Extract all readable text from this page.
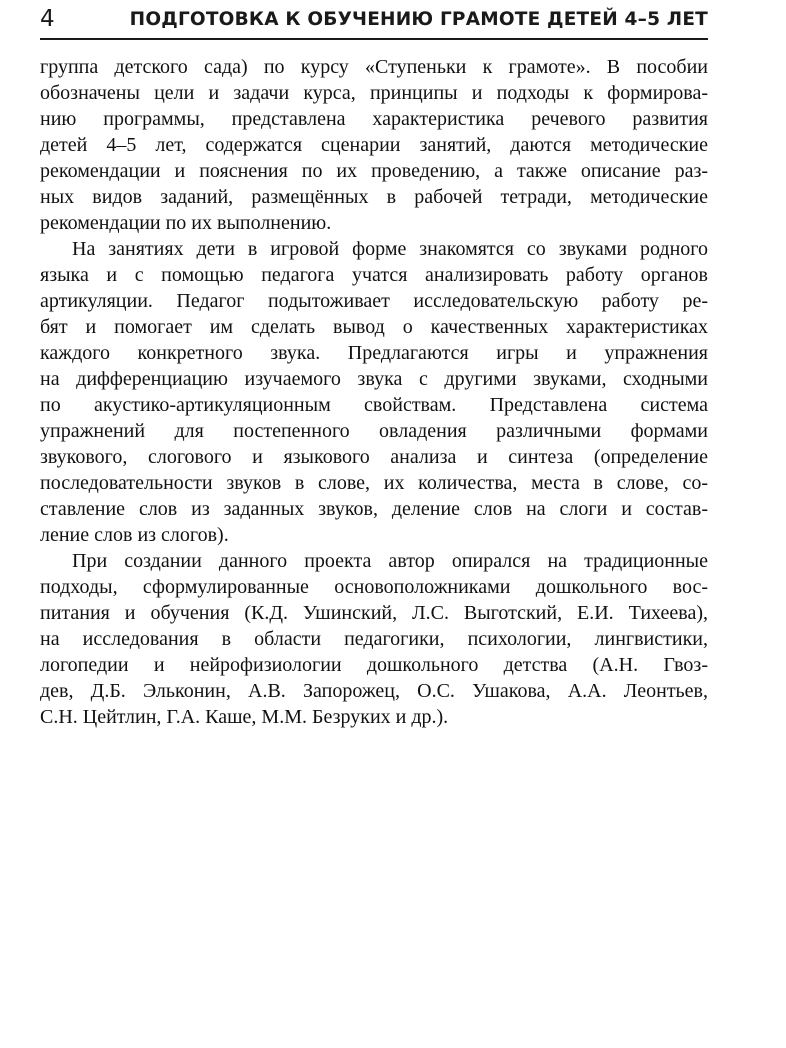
4	ПОДГОТОВКА К ОБУЧЕНИЮ ГРАМОТЕ ДЕТЕЙ 4–5 ЛЕТ
группа детского сада) по курсу «Ступеньки к грамоте». В пособии
обозначены цели и задачи курса, принципы и подходы к формирова-
нию программы, представлена характеристика речевого развития
детей 4–5 лет, содержатся сценарии занятий, даются методические
рекомендации и пояснения по их проведению, а также описание раз-
ных видов заданий, размещённых в рабочей тетради, методические
рекомендации по их выполнению.
На занятиях дети в игровой форме знакомятся со звуками родного
языка и с помощью педагога учатся анализировать работу органов
артикуляции. Педагог подытоживает исследовательскую работу ре-
бят и помогает им сделать вывод о качественных характеристиках
каждого конкретного звука. Предлагаются игры и упражнения
на дифференциацию изучаемого звука с другими звуками, сходными
по акустико-артикуляционным свойствам. Представлена система
упражнений для постепенного овладения различными формами
звукового, слогового и языкового анализа и синтеза (определение
последовательности звуков в слове, их количества, места в слове, со-
ставление слов из заданных звуков, деление слов на слоги и состав-
ление слов из слогов).
При создании данного проекта автор опирался на традиционные
подходы, сформулированные основоположниками дошкольного вос-
питания и обучения (К.Д. Ушинский, Л.С. Выготский, Е.И. Тихеева),
на исследования в области педагогики, психологии, лингвистики,
логопедии и нейрофизиологии дошкольного детства (А.Н. Гвоз-
дев, Д.Б. Эльконин, А.В. Запорожец, О.С. Ушакова, А.А. Леонтьев,
С.Н. Цейтлин, Г.А. Каше, М.М. Безруких и др.).
